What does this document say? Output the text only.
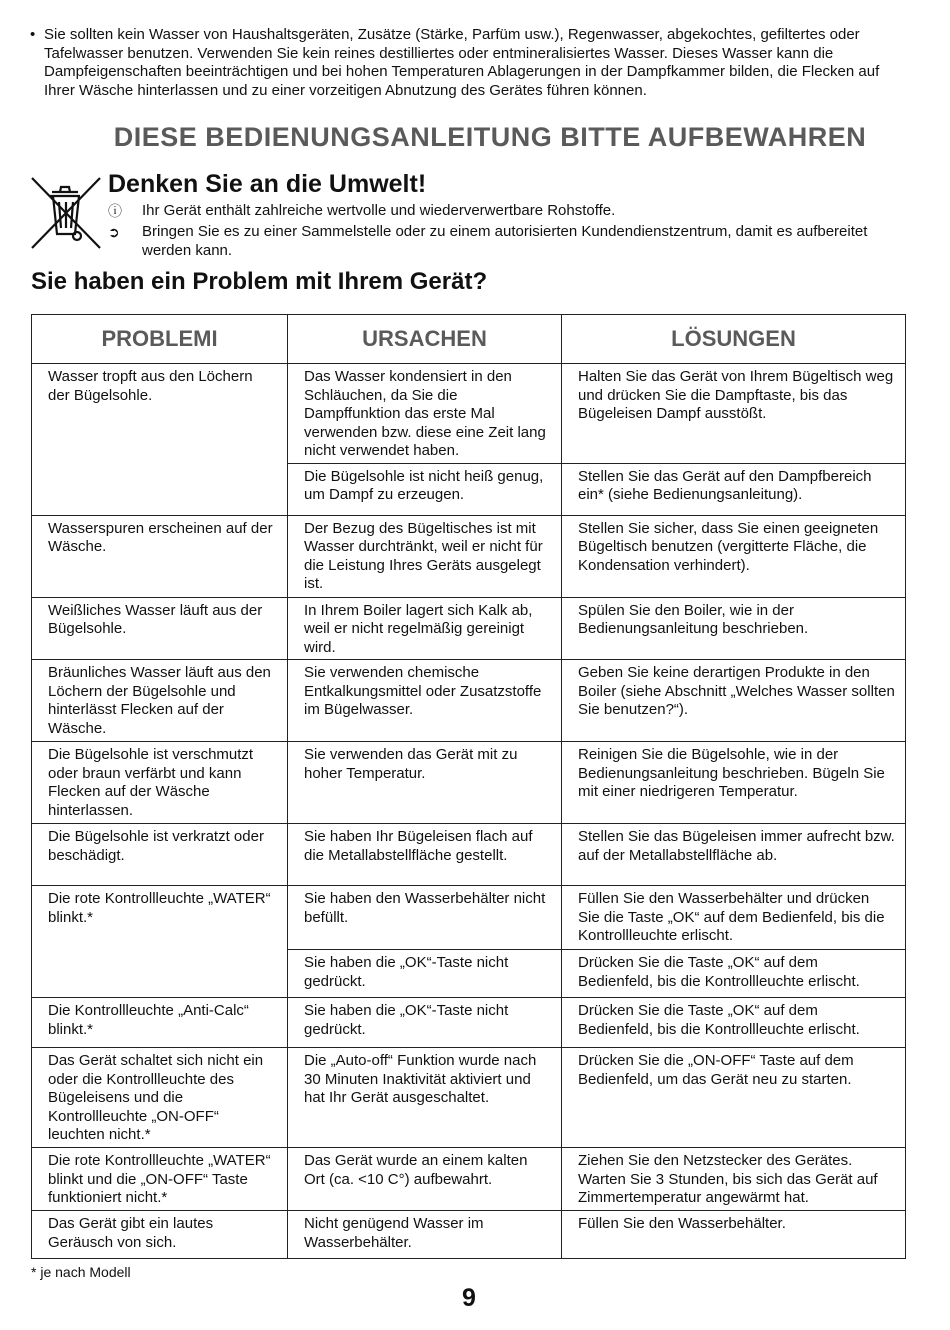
• Sie sollten kein Wasser von Haushaltsgeräten, Zusätze (Stärke, Parfüm usw.), Regenwasser, abgekochtes, gefiltertes oder Tafelwasser benutzen. Verwenden Sie kein reines destilliertes oder entmineralisiertes Wasser. Dieses Wasser kann die Dampfeigenschaften beeinträchtigen und bei hohen Temperaturen Ablagerungen in der Dampfkammer bilden, die Flecken auf Ihrer Wäsche hinterlassen und zu einer vorzeitigen Abnutzung des Gerätes führen können.
DIESE BEDIENUNGSANLEITUNG BITTE AUFBEWAHREN
Denken Sie an die Umwelt!
ⓘ	Ihr Gerät enthält zahlreiche wertvolle und wiederverwertbare Rohstoffe.
➲	Bringen Sie es zu einer Sammelstelle oder zu einem autorisierten Kundendienstzentrum, damit es aufbereitet werden kann.
Sie haben ein Problem mit Ihrem Gerät?
PROBLEMI	URSACHEN	LÖSUNGEN
Wasser tropft aus den Löchern der Bügelsohle.	Das Wasser kondensiert in den Schläuchen, da Sie die Dampffunktion das erste Mal verwenden bzw. diese eine Zeit lang nicht verwendet haben.	Halten Sie das Gerät von Ihrem Bügeltisch weg und drücken Sie die Dampftaste, bis das Bügeleisen Dampf ausstößt.
	Die Bügelsohle ist nicht heiß genug, um Dampf zu erzeugen.	Stellen Sie das Gerät auf den Dampfbereich ein* (siehe Bedienungsanleitung).
Wasserspuren erscheinen auf der Wäsche.	Der Bezug des Bügeltisches ist mit Wasser durchtränkt, weil er nicht für die Leistung Ihres Geräts ausgelegt ist.	Stellen Sie sicher, dass Sie einen geeigneten Bügeltisch benutzen (vergitterte Fläche, die Kondensation verhindert).
Weißliches Wasser läuft aus der Bügelsohle.	In Ihrem Boiler lagert sich Kalk ab, weil er nicht regelmäßig gereinigt wird.	Spülen Sie den Boiler, wie in der Bedienungsanleitung beschrieben.
Bräunliches Wasser läuft aus den Löchern der Bügelsohle und hinterlässt Flecken auf der Wäsche.	Sie verwenden chemische Entkalkungsmittel oder Zusatzstoffe im Bügelwasser.	Geben Sie keine derartigen Produkte in den Boiler (siehe Abschnitt „Welches Wasser sollten Sie benutzen?“).
Die Bügelsohle ist verschmutzt oder braun verfärbt und kann Flecken auf der Wäsche hinterlassen.	Sie verwenden das Gerät mit zu hoher Temperatur.	Reinigen Sie die Bügelsohle, wie in der Bedienungsanleitung beschrieben. Bügeln Sie mit einer niedrigeren Temperatur.
Die Bügelsohle ist verkratzt oder beschädigt.	Sie haben Ihr Bügeleisen flach auf die Metallabstellfläche gestellt.	Stellen Sie das Bügeleisen immer aufrecht bzw. auf der Metallabstellfläche ab.
Die rote Kontrollleuchte „WATER“ blinkt.*	Sie haben den Wasserbehälter nicht befüllt.	Füllen Sie den Wasserbehälter und drücken Sie die Taste „OK“ auf dem Bedienfeld, bis die Kontrollleuchte erlischt.
	Sie haben die „OK“-Taste nicht gedrückt.	Drücken Sie die Taste „OK“ auf dem Bedienfeld, bis die Kontrollleuchte erlischt.
Die Kontrollleuchte „Anti-Calc“ blinkt.*	Sie haben die „OK“-Taste nicht gedrückt.	Drücken Sie die Taste „OK“ auf dem Bedienfeld, bis die Kontrollleuchte erlischt.
Das Gerät schaltet sich nicht ein oder die Kontrollleuchte des Bügeleisens und die Kontrollleuchte „ON-OFF“ leuchten nicht.*	Die „Auto-off“ Funktion wurde nach 30 Minuten Inaktivität aktiviert und hat Ihr Gerät ausgeschaltet.	Drücken Sie die „ON-OFF“ Taste auf dem Bedienfeld, um das Gerät neu zu starten.
Die rote Kontrollleuchte „WATER“ blinkt und die „ON-OFF“ Taste funktioniert nicht.*	Das Gerät wurde an einem kalten Ort (ca. <10 C°) aufbewahrt.	Ziehen Sie den Netzstecker des Gerätes. Warten Sie 3 Stunden, bis sich das Gerät auf Zimmertemperatur angewärmt hat.
Das Gerät gibt ein lautes Geräusch von sich.	Nicht genügend Wasser im Wasserbehälter.	Füllen Sie den Wasserbehälter.
* je nach Modell
9
